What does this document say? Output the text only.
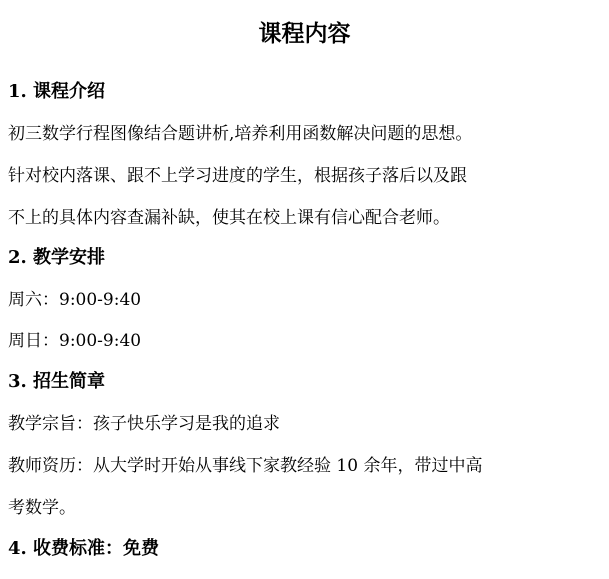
课程内容
1. 课程介绍
初三数学行程图像结合题讲析,培养利用函数解决问题的思想。
针对校内落课、跟不上学习进度的学生，根据孩子落后以及跟
不上的具体内容查漏补缺，使其在校上课有信心配合老师。
2. 教学安排
周六：9:00-9:40
周日：9:00-9:40
3. 招生简章
教学宗旨：孩子快乐学习是我的追求
教师资历：从大学时开始从事线下家教经验 10 余年，带过中高
考数学。
4. 收费标准：免费
